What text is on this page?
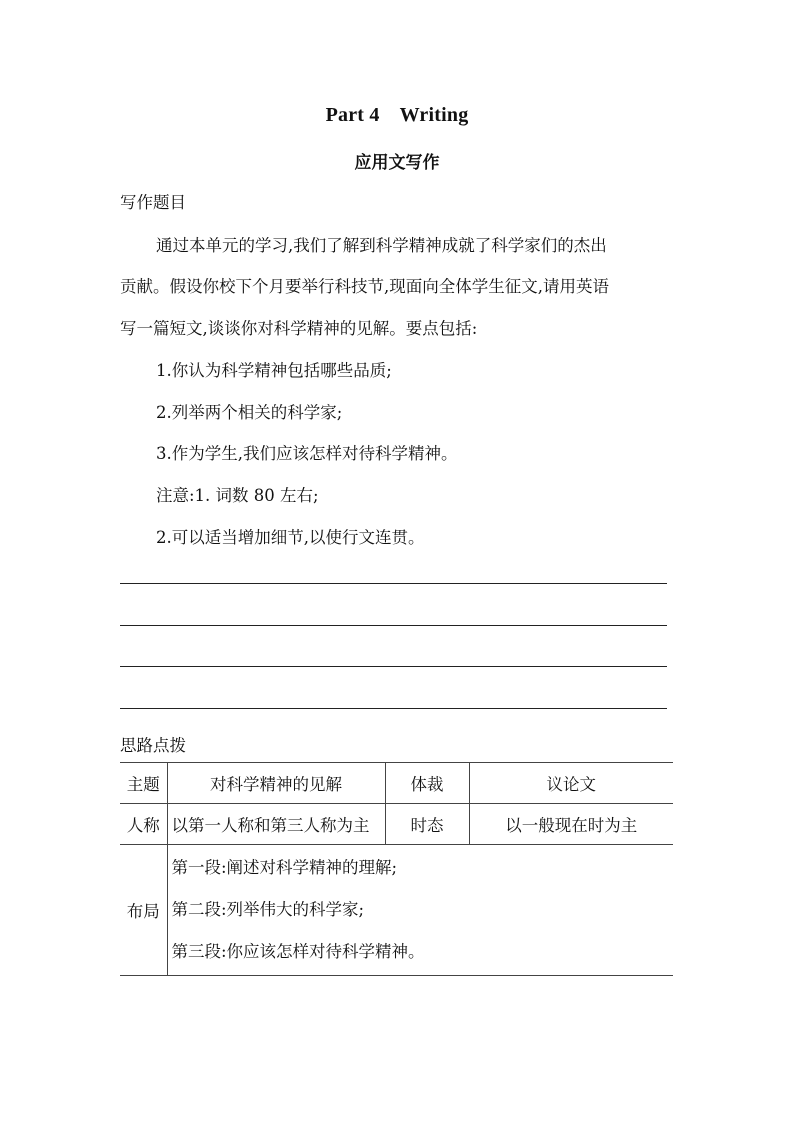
Part 4 Writing
应用文写作
写作题目
通过本单元的学习,我们了解到科学精神成就了科学家们的杰出
贡献。假设你校下个月要举行科技节,现面向全体学生征文,请用英语
写一篇短文,谈谈你对科学精神的见解。要点包括:
1.你认为科学精神包括哪些品质;
2.列举两个相关的科学家;
3.作为学生,我们应该怎样对待科学精神。
注意:1. 词数 80 左右;
2.可以适当增加细节,以使行文连贯。
思路点拨
主题	对科学精神的见解	体裁	议论文
人称	以第一人称和第三人称为主	时态	以一般现在时为主
布局	第一段:阐述对科学精神的理解;
第二段:列举伟大的科学家;
第三段:你应该怎样对待科学精神。		
